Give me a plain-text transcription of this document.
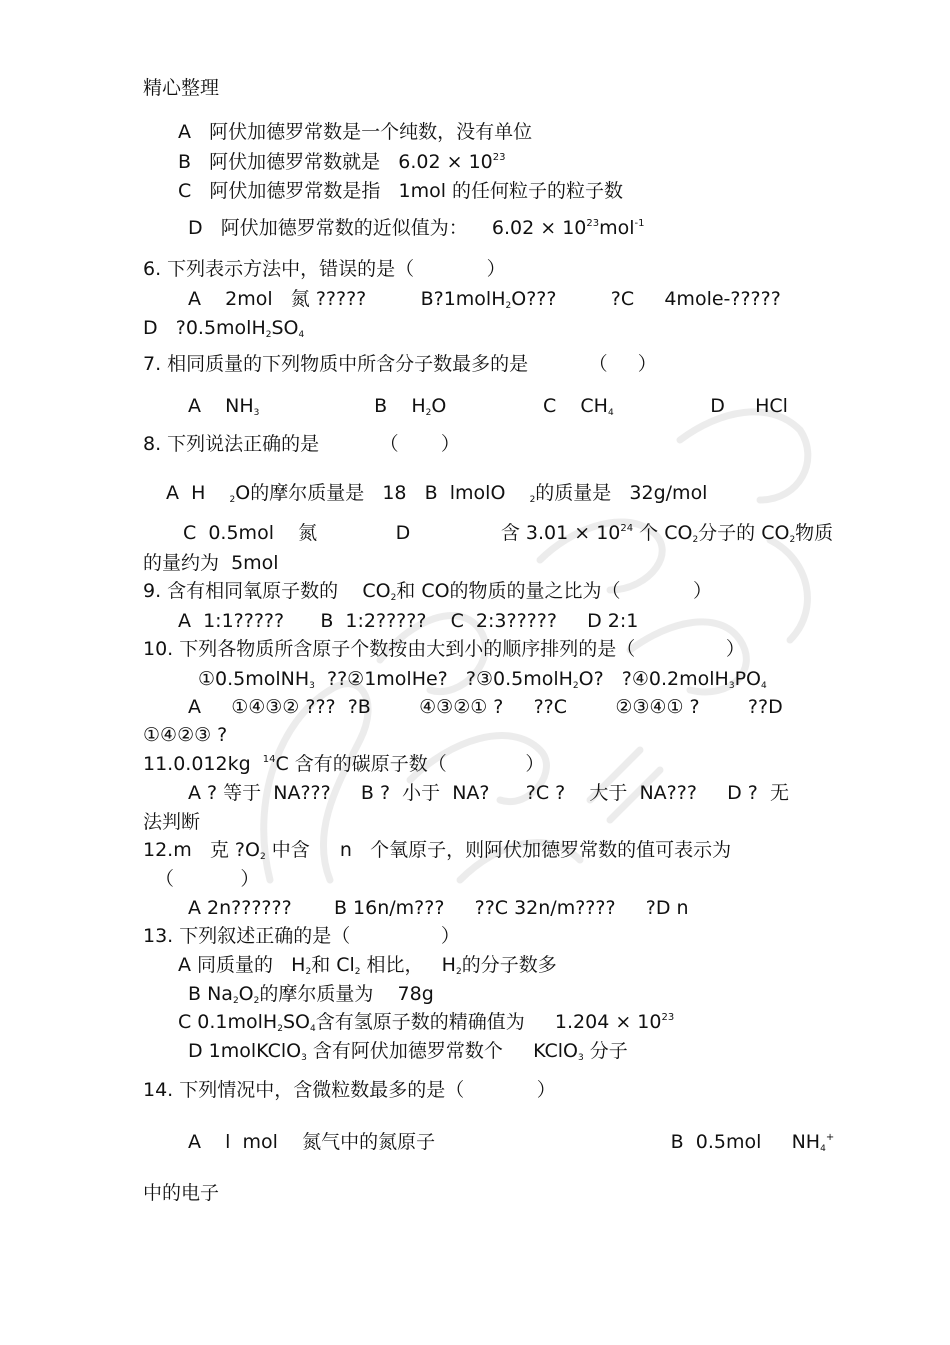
精心整理
A   阿伏加德罗常数是一个纯数，没有单位
B   阿伏加德罗常数就是   $6.02 \times 10^{23}$
C   阿伏加德罗常数是指   1mol 的任何粒子的粒子数
D   阿伏加德罗常数的近似值为：    $6.02 \times 10^{23}mol^{-1}$
6. 下列表示方法中，错误的是（            ）
A    2mol   氮 ?????         B?1molH$_2$O???         ?C     4mole-?????
D   $?0.5molH_2SO_4$
7. 相同质量的下列物质中所含分子数最多的是          （     ）
A    $NH_3$                   B    $H_2O$                C    $CH_4$                D     HCl
8. 下列说法正确的是          （       ）
A  H    $_2$O的摩尔质量是   18   B  lmolO    $_2$的质量是   32g/mol
C  0.5mol    氮             D               含 $3.01 \times 10^{24}$ 个 $CO_2$分子的 $CO_2$物质
的量约为  5mol
9. 含有相同氧原子数的    $CO_2$和 CO的物质的量之比为（            ）
A  1:1?????      B  1:2?????    C  2:3?????     D 2:1
10. 下列各物质所含原子个数按由大到小的顺序排列的是（               ）
①0.5molNH$_3$  ??②1molHe?   ?③0.5molH$_2$O?   $?④0.2molH_3PO_4$
A     ①④③② ???  ?B        ④③②① ?     ??C        ②③④① ?        ??D
①④②③ ?
11.0.012kg  $^{14}$C 含有的碳原子数（             ）
A ? 等于  NA???     B ?  小于  NA?      ?C ?    大于  NA???     D ?  无
法判断
12.m   克 $?O_2$ 中含     n   个氧原子，则阿伏加德罗常数的值可表示为
（           ）
A 2n??????       B 16n/m???     ??C 32n/m????     ?D n
13. 下列叙述正确的是（               ）
A 同质量的   $H_2$和 $Cl_2$ 相比，   $H_2$的分子数多
B $Na_2O_2$的摩尔质量为    78g
C $0.1molH_2SO_4$含有氢原子数的精确值为     $1.204 \times 10^{23}$
D 1molKClO$_3$ 含有阿伏加德罗常数个     KClO$_3$ 分子
14. 下列情况中，含微粒数最多的是（            ）
A    l  mol    氮气中的氮原子                                       B  0.5mol     $NH_4^+$
中的电子
